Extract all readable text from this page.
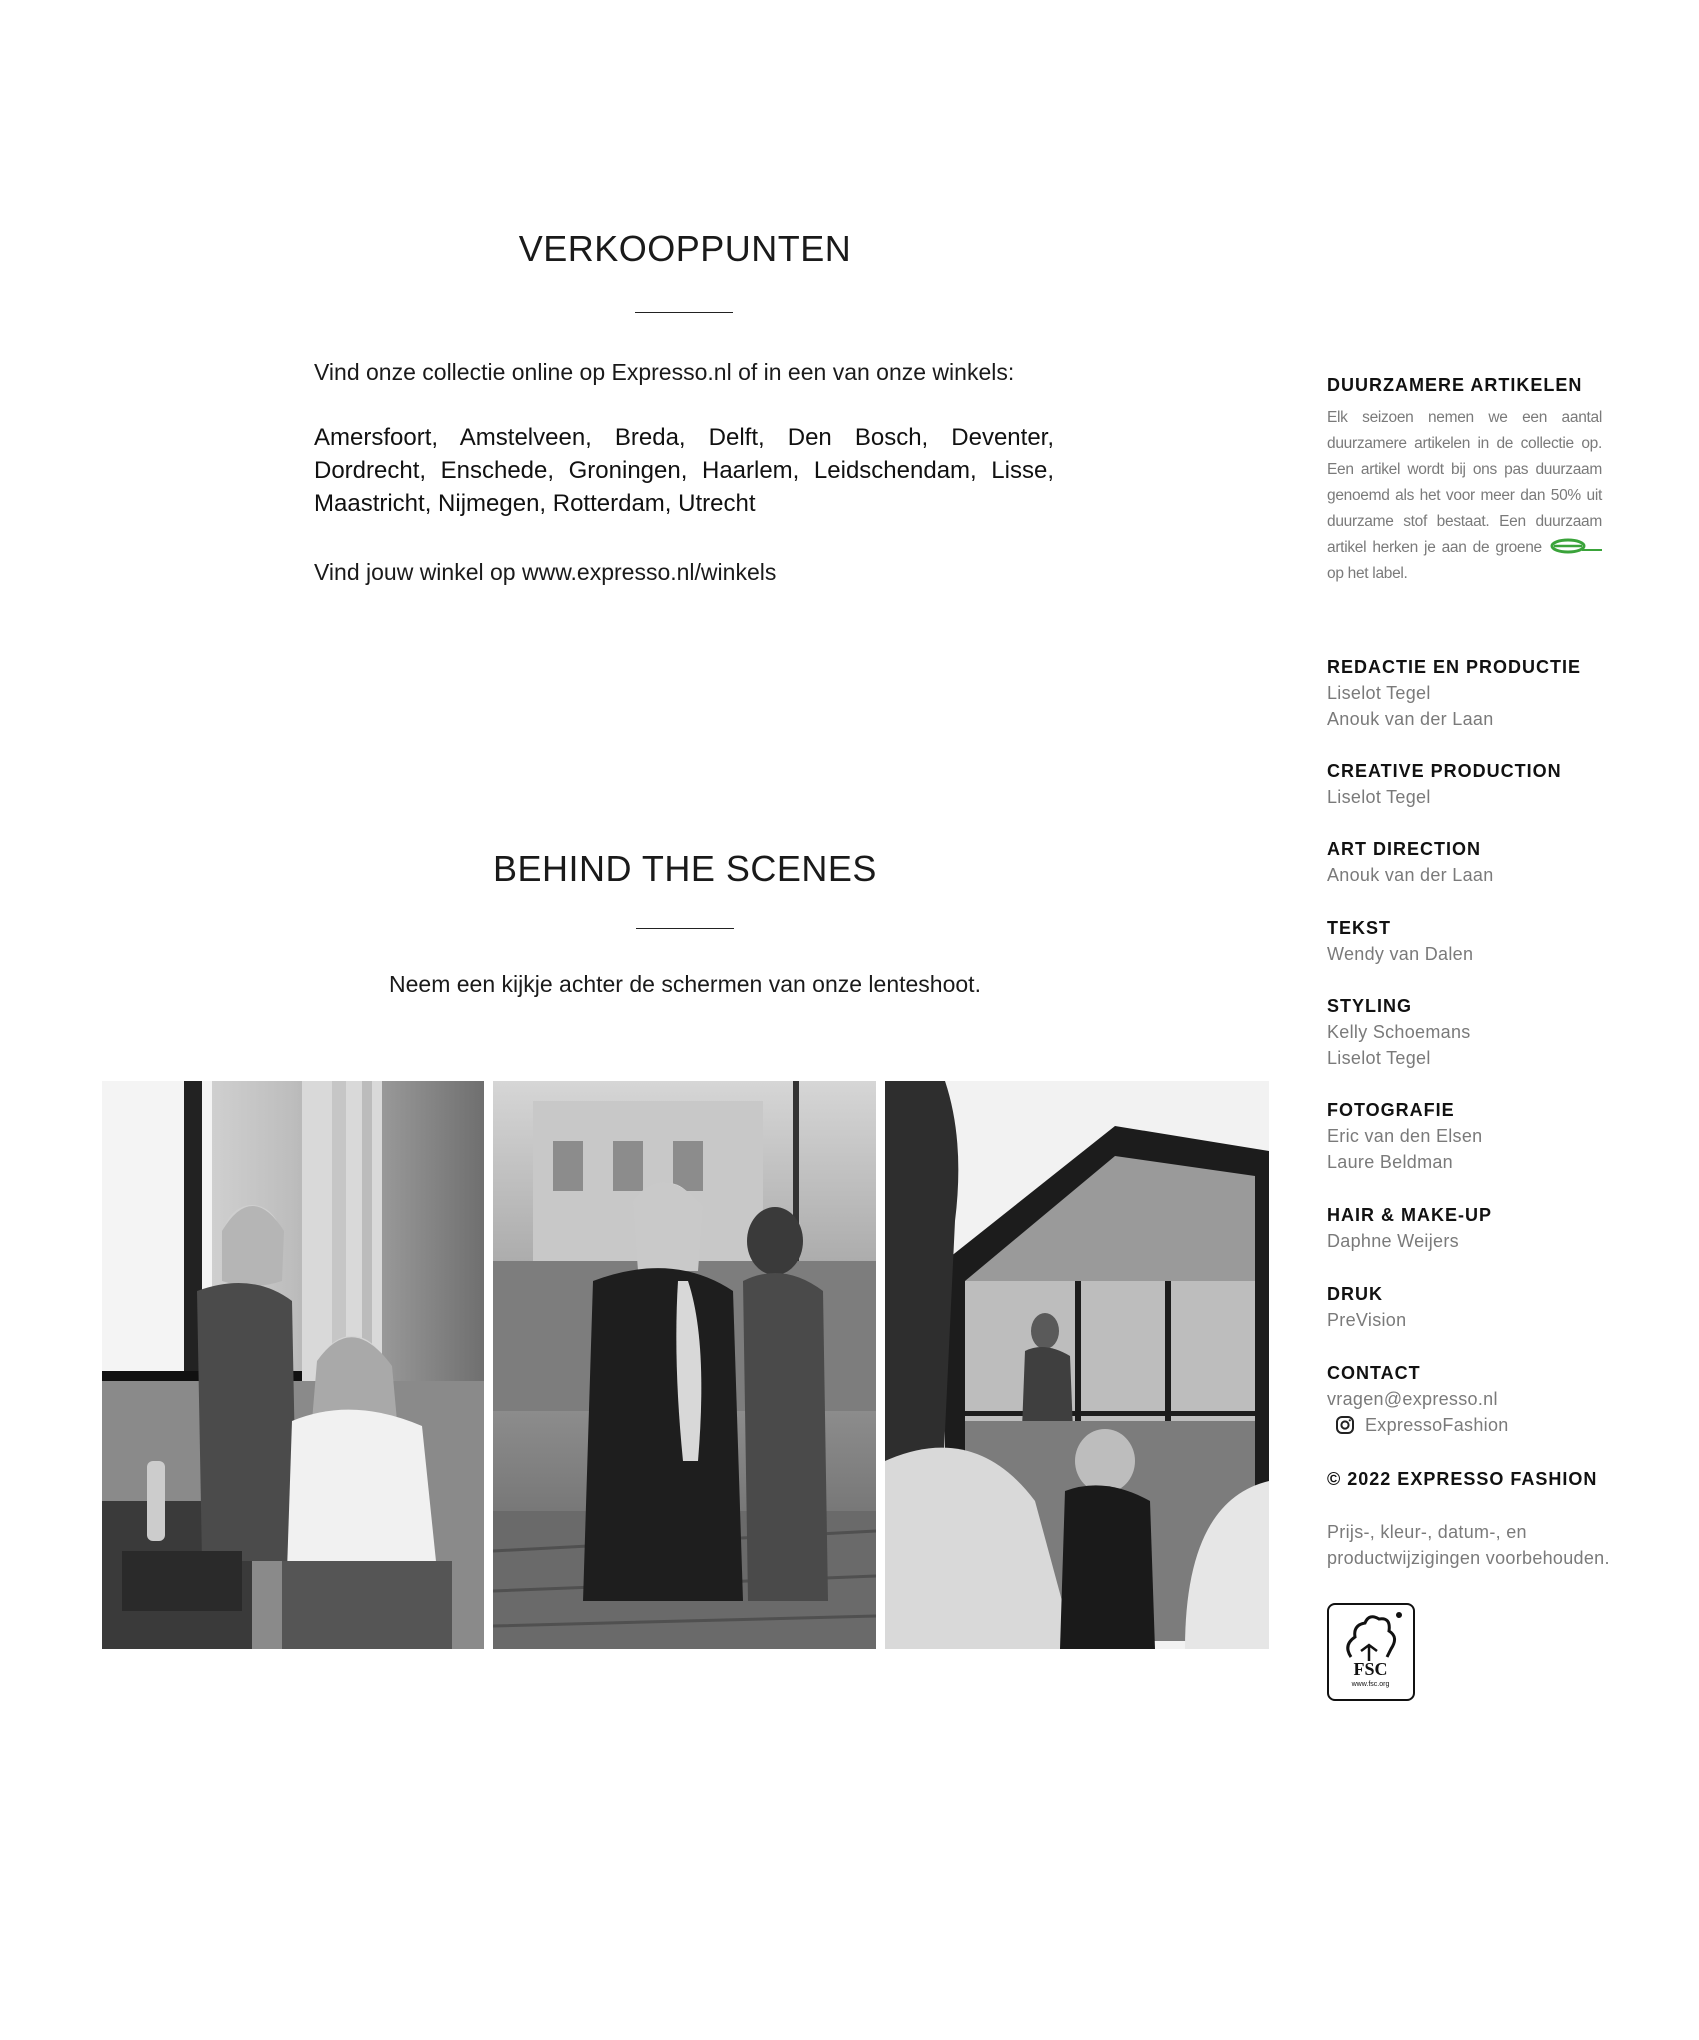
VERKOOPPUNTEN
Vind onze collectie online op Expresso.nl of in een van onze winkels:
Amersfoort, Amstelveen, Breda, Delft, Den Bosch, Deventer, Dordrecht, Enschede, Groningen, Haarlem, Leidschendam, Lisse, Maastricht, Nijmegen, Rotterdam, Utrecht
Vind jouw winkel op www.expresso.nl/winkels
BEHIND THE SCENES
Neem een kijkje achter de schermen van onze lenteshoot.
DUURZAMERE ARTIKELEN
Elk seizoen nemen we een aantal duurzamere artikelen in de collectie op. Een artikel wordt bij ons pas duurzaam genoemd als het voor meer dan 50% uit duurzame stof bestaat. Een duurzaam artikel herken je aan de groene  op het label.
REDACTIE EN PRODUCTIE
Liselot Tegel
Anouk van der Laan
CREATIVE PRODUCTION
Liselot Tegel
ART DIRECTION
Anouk van der Laan
TEKST
Wendy van Dalen
STYLING
Kelly Schoemans
Liselot Tegel
FOTOGRAFIE
Eric van den Elsen
Laure Beldman
HAIR & MAKE-UP
Daphne Weijers
DRUK
PreVision
CONTACT
vragen@expresso.nl
ExpressoFashion
© 2022 EXPRESSO FASHION
Prijs-, kleur-, datum-, en productwijzigingen voorbehouden.
FSC
www.fsc.org
